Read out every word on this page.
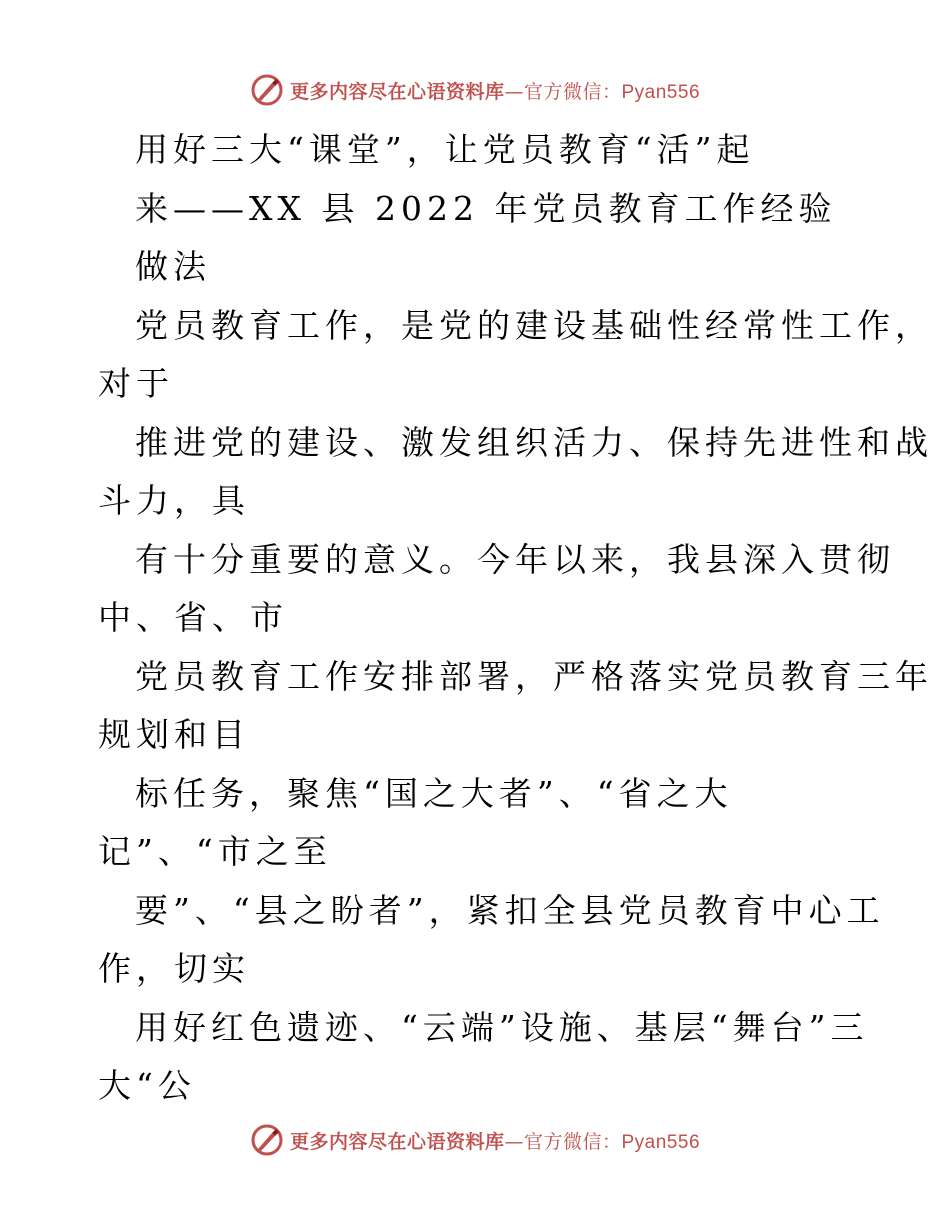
更多内容尽在心语资料库—官方微信：Pyan556
用好三大“课堂”，让党员教育“活”起
来——XX 县 2022 年党员教育工作经验
做法
党员教育工作，是党的建设基础性经常性工作，
对于
推进党的建设、激发组织活力、保持先进性和战
斗力，具
有十分重要的意义。今年以来，我县深入贯彻
中、省、市
党员教育工作安排部署，严格落实党员教育三年
规划和目
标任务，聚焦“国之大者”、“省之大
记”、“市之至
要”、“县之盼者”，紧扣全县党员教育中心工
作，切实
用好红色遗迹、“云端”设施、基层“舞台”三
大“公
更多内容尽在心语资料库—官方微信：Pyan556
